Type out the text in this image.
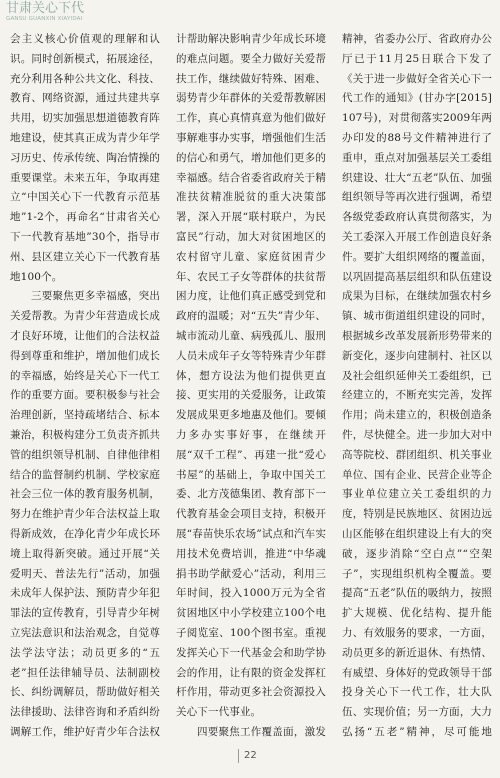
甘肃关心下代
GANSU GUANXIN XIAYIDAI

会主义核心价值观的理解和认识。同时创新模式，拓展途径，充分利用各种公共文化、科技、教育、网络资源，通过共建共享共用，切实加强思想道德教育阵地建设，使其真正成为青少年学习历史、传承传统、陶冶情操的重要课堂。未来五年，争取再建立“中国关心下一代教育示范基地”1-2个，再命名“甘肃省关心下一代教育基地”30个，指导市州、县区建立关心下一代教育基地100个。

三要聚焦更多幸福感，突出关爱帮教。为青少年营造成长成才良好环境，让他们的合法权益得到尊重和维护，增加他们成长的幸福感，始终是关心下一代工作的重要方面。要积极参与社会治理创新，坚持疏堵结合、标本兼治，积极构建分工负责齐抓共管的组织领导机制、自律他律相结合的监督制约机制、学校家庭社会三位一体的教育服务机制，努力在维护青少年合法权益上取得新成效，在净化青少年成长环境上取得新突破。通过开展“关爱明天、普法先行”活动，加强未成年人保护法、预防青少年犯罪法的宣传教育，引导青少年树立宪法意识和法治观念，自觉尊法学法守法；动员更多的“五老”担任法律辅导员、法制副校长、纠纷调解员，帮助做好相关法律援助、法律咨询和矛盾纠纷调解工作，维护好青少年合法权

计帮助解决影响青少年成长环境的难点问题。要全力做好关爱帮扶工作，继续做好特殊、困难、弱势青少年群体的关爱帮教解困工作，真心真情真意为他们做好事解难事办实事，增强他们生活的信心和勇气，增加他们更多的幸福感。结合省委省政府关于精准扶贫精准脱贫的重大决策部署，深入开展“联村联户，为民富民”行动，加大对贫困地区的农村留守儿童、家庭贫困青少年、农民工子女等群体的扶贫帮困力度，让他们真正感受到党和政府的温暖；对“五失”青少年、城市流动儿童、病残孤儿、服刑人员未成年子女等特殊青少年群体，想方设法为他们提供更直接、更实用的关爱服务，让政策发展成果更多地惠及他们。要倾力多办实事好事，在继续开展“双千工程”、再建一批“爱心书屋”的基础上，争取中国关工委、北方茂德集团、教育部下一代教育基金会项目支持，积极开展“春苗快乐农场”试点和汽车实用技术免费培训，推进“中华魂捐书助学献爱心”活动，利用三年时间，投入1000万元为全省贫困地区中小学校建立100个电子阅览室、100个图书室。重视发挥关心下一代基金会和助学协会的作用，让有限的资金发挥杠杆作用，带动更多社会资源投入关心下一代事业。

四要聚焦工作覆盖面，激发

精神，省委办公厅、省政府办公厅已于11月25日联合下发了《关于进一步做好全省关心下一代工作的通知》(甘办字[2015]107号)，对贯彻落实2009年两办印发的88号文件精神进行了重申，重点对加强基层关工委组织建设、壮大“五老”队伍、加强组织领导等再次进行强调，希望各级党委政府认真贯彻落实，为关工委深入开展工作创造良好条件。要扩大组织网络的覆盖面，以巩固提高基层组织和队伍建设成果为目标，在继续加强农村乡镇、城市街道组织建设的同时，根据城乡改革发展新形势带来的新变化，逐步向建制村、社区以及社会组织延伸关工委组织，已经建立的，不断充实完善，发挥作用；尚未建立的，积极创造条件，尽快健全。进一步加大对中高等院校、群团组织、机关事业单位、国有企业、民营企业等企事业单位建立关工委组织的力度，特别是民族地区、贫困边远山区能够在组织建设上有大的突破，逐步消除“空白点”“空架子”，实现组织机构全覆盖。要提高“五老”队伍的吸纳力，按照扩大规模、优化结构、提升能力、有效服务的要求，一方面，动员更多的新近退休、有热情、有威望、身体好的党政领导干部投身关心下一代工作，壮大队伍、实现价值；另一方面，大力弘扬“五老”精神，尽可能地

22
